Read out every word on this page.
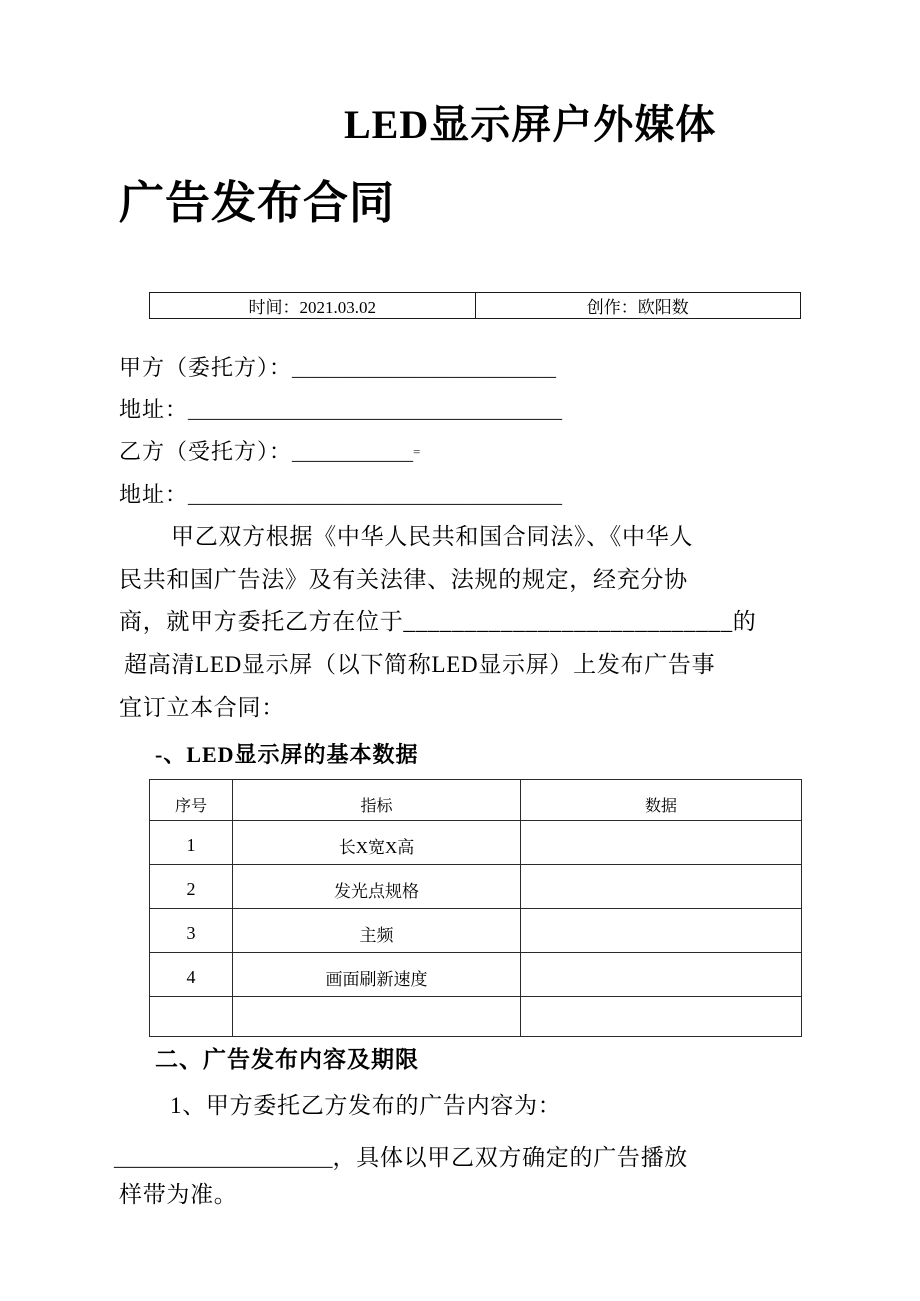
LED显示屏户外媒体
广告发布合同
时间：2021.03.02	创作：欧阳数
甲方（委托方）：________________________
地址：__________________________________
乙方（受托方）：___________=
地址：__________________________________
甲乙双方根据《中华人民共和国合同法》、《中华人
民共和国广告法》及有关法律、法规的规定，经充分协
商，就甲方委托乙方在位于___________________________的
超高清LED显示屏（以下简称LED显示屏）上发布广告事
宜订立本合同：
-、LED显示屏的基本数据
序号	指标	数据
1	长X宽X高	
2	发光点规格	
3	主频	
4	画面刷新速度	

二、广告发布内容及期限
1、甲方委托乙方发布的广告内容为：
___________________，具体以甲乙双方确定的广告播放
样带为准。
